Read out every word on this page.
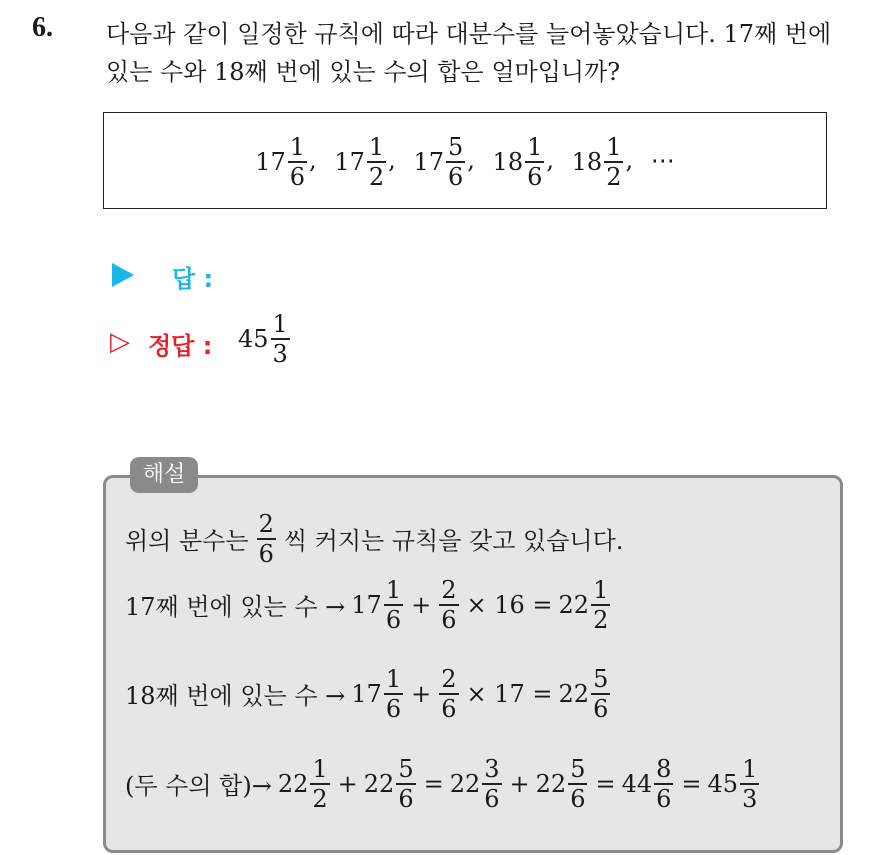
6. 다음과 같이 일정한 규칙에 따라 대분수를 늘어놓았습니다. 17째 번에
있는 수와 18째 번에 있는 수의 합은 얼마입니까?
$17 \frac{1}{6}$ , $17 \frac{1}{2}$ , $17 \frac{5}{6}$ , $18 \frac{1}{6}$ , $18 \frac{1}{2}$ , ⋯
답 :
▷ 정답 : $45 \frac{1}{3}$
해설
위의 분수는 $\frac{2}{6}$ 씩 커지는 규칙을 갖고 있습니다.
17째 번에 있는 수 → $17 \frac{1}{6} + \frac{2}{6} \times 16 = 22 \frac{1}{2}$
18째 번에 있는 수 → $17 \frac{1}{6} + \frac{2}{6} \times 17 = 22 \frac{5}{6}$
(두 수의 합)→ $22 \frac{1}{2} + 22 \frac{5}{6} = 22 \frac{3}{6} + 22 \frac{5}{6} = 44 \frac{8}{6} = 45 \frac{1}{3}$
